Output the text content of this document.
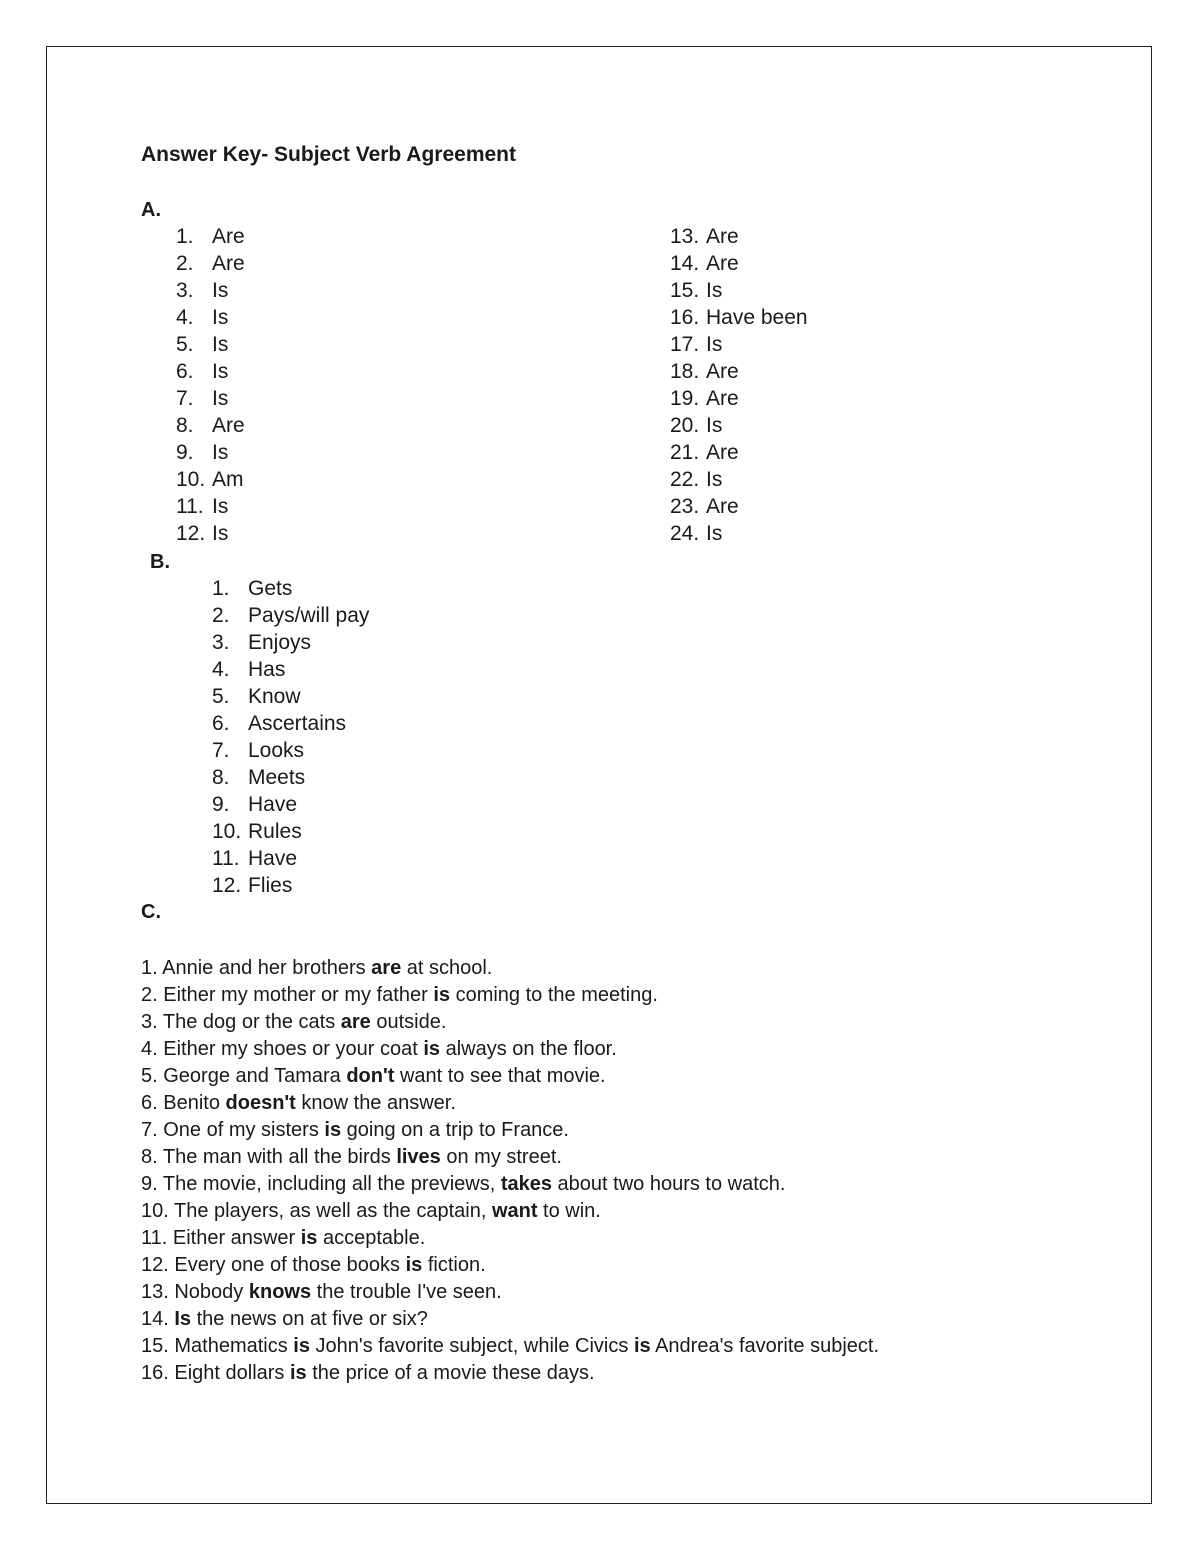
Answer Key- Subject Verb Agreement
A.
1. Are
2. Are
3. Is
4. Is
5. Is
6. Is
7. Is
8. Are
9. Is
10. Am
11. Is
12. Is
13. Are
14. Are
15. Is
16. Have been
17. Is
18. Are
19. Are
20. Is
21. Are
22. Is
23. Are
24. Is
B.
1. Gets
2. Pays/will pay
3. Enjoys
4. Has
5. Know
6. Ascertains
7. Looks
8. Meets
9. Have
10. Rules
11. Have
12. Flies
C.
1. Annie and her brothers are at school.
2. Either my mother or my father is coming to the meeting.
3. The dog or the cats are outside.
4. Either my shoes or your coat is always on the floor.
5. George and Tamara don't want to see that movie.
6. Benito doesn't know the answer.
7. One of my sisters is going on a trip to France.
8. The man with all the birds lives on my street.
9. The movie, including all the previews, takes about two hours to watch.
10. The players, as well as the captain, want to win.
11. Either answer is acceptable.
12. Every one of those books is fiction.
13. Nobody knows the trouble I've seen.
14. Is the news on at five or six?
15. Mathematics is John's favorite subject, while Civics is Andrea's favorite subject.
16. Eight dollars is the price of a movie these days.
